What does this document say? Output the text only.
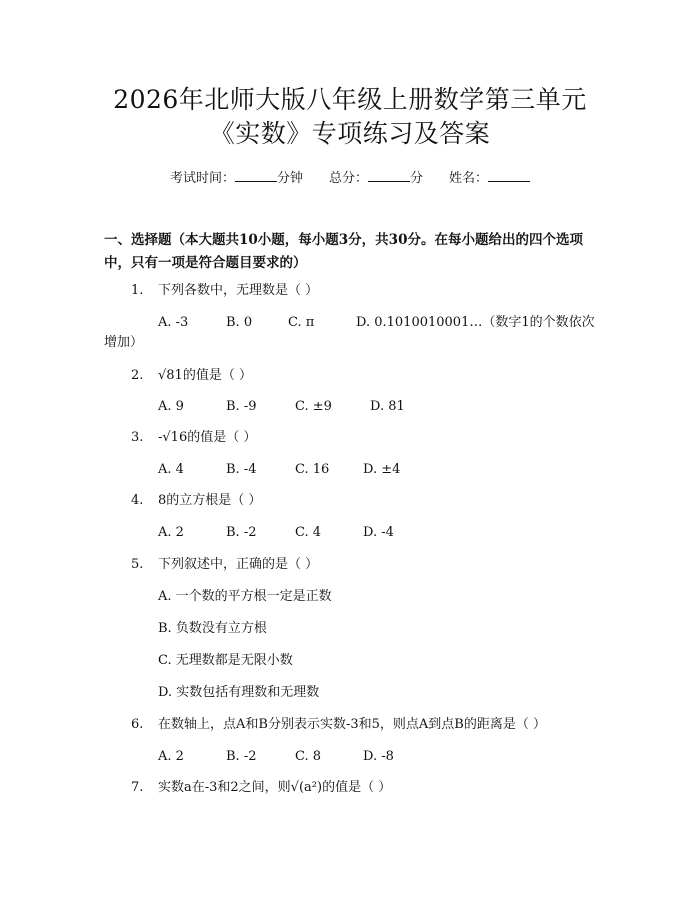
2026年北师大版八年级上册数学第三单元
《实数》专项练习及答案
考试时间：	分钟 总分：	分 姓名：
一、选择题（本大题共10小题，每小题3分，共30分。在每小题给出的四个选项中，只有一项是符合题目要求的）
1. 下列各数中，无理数是（ ）
A. -3	B. 0	C. π	D. 0.1010010001…（数字1的个数依次
增加）
2. √81的值是（ ）
A. 9	B. -9	C. ±9	D. 81
3. -√16的值是（ ）
A. 4	B. -4	C. 16	D. ±4
4. 8的立方根是（ ）
A. 2	B. -2	C. 4	D. -4
5. 下列叙述中，正确的是（ ）
A. 一个数的平方根一定是正数
B. 负数没有立方根
C. 无理数都是无限小数
D. 实数包括有理数和无理数
6. 在数轴上，点A和B分别表示实数-3和5，则点A到点B的距离是（ ）
A. 2	B. -2	C. 8	D. -8
7. 实数a在-3和2之间，则√(a²)的值是（ ）
